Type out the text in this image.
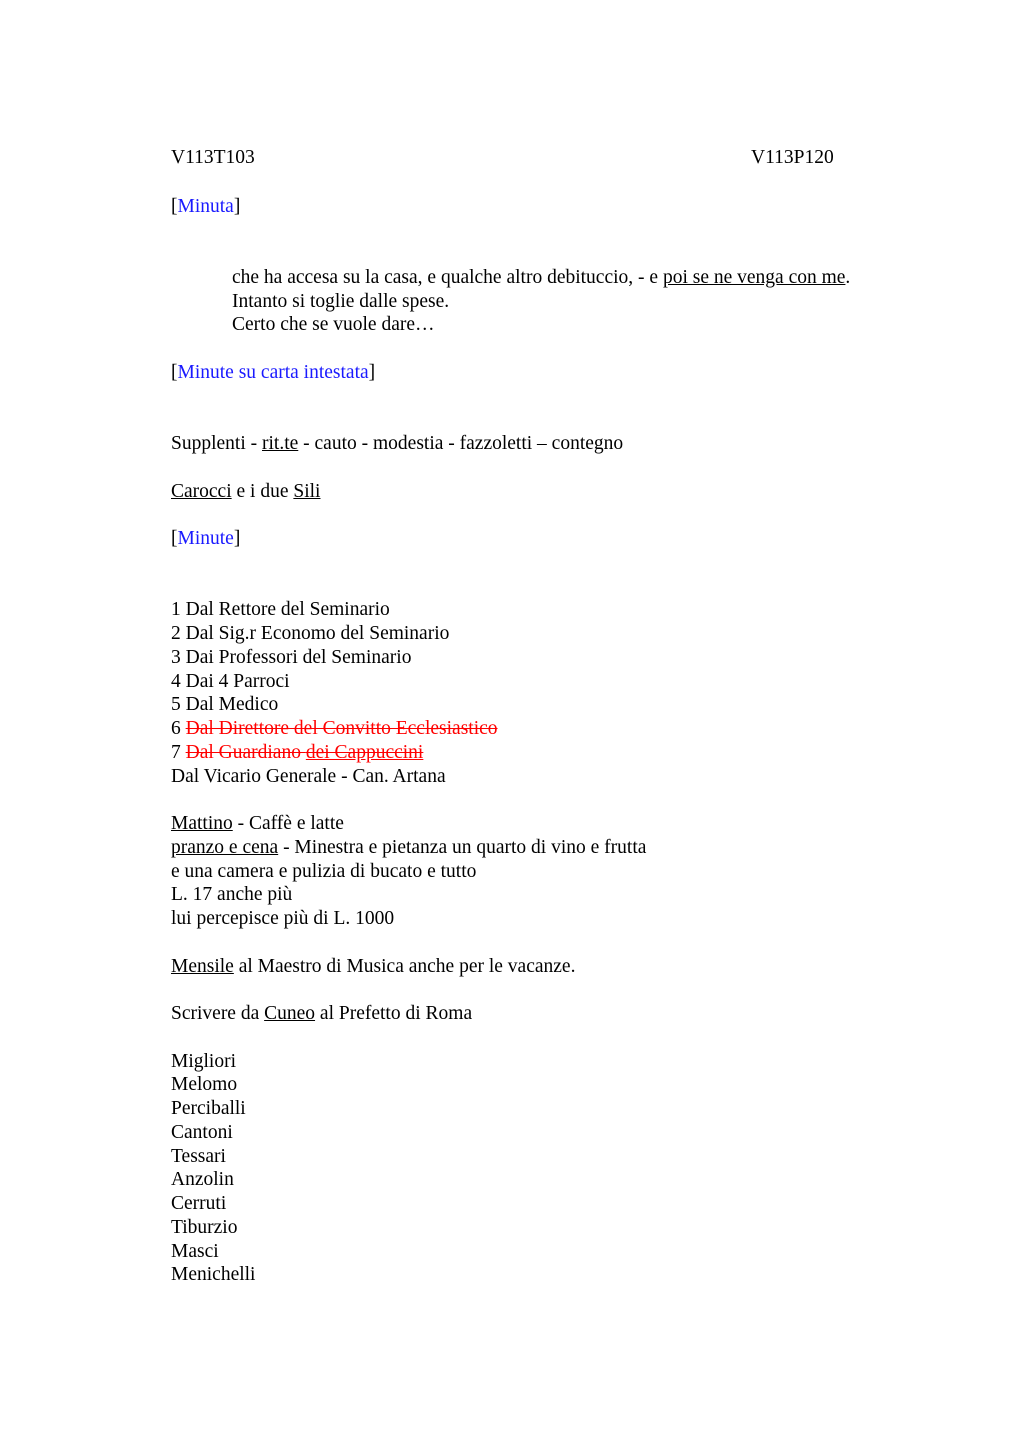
V113T103	V113P120
[Minuta]
che ha accesa su la casa, e qualche altro debituccio, - e poi se ne venga con me.
Intanto si toglie dalle spese.
Certo che se vuole dare…
[Minute su carta intestata]
Supplenti - rit.te - cauto - modestia - fazzoletti – contegno
Carocci e i due Sili
[Minute]
1 Dal Rettore del Seminario
2 Dal Sig.r Economo del Seminario
3 Dai Professori del Seminario
4 Dai 4 Parroci
5 Dal Medico
6 Dal Direttore del Convitto Ecclesiastico
7 Dal Guardiano dei Cappuccini
Dal Vicario Generale - Can. Artana
Mattino - Caffè e latte
pranzo e cena - Minestra e pietanza un quarto di vino e frutta
e una camera e pulizia di bucato e tutto
L. 17 anche più
lui percepisce più di L. 1000
Mensile al Maestro di Musica anche per le vacanze.
Scrivere da Cuneo al Prefetto di Roma
Migliori
Melomo
Perciballi
Cantoni
Tessari
Anzolin
Cerruti
Tiburzio
Masci
Menichelli
